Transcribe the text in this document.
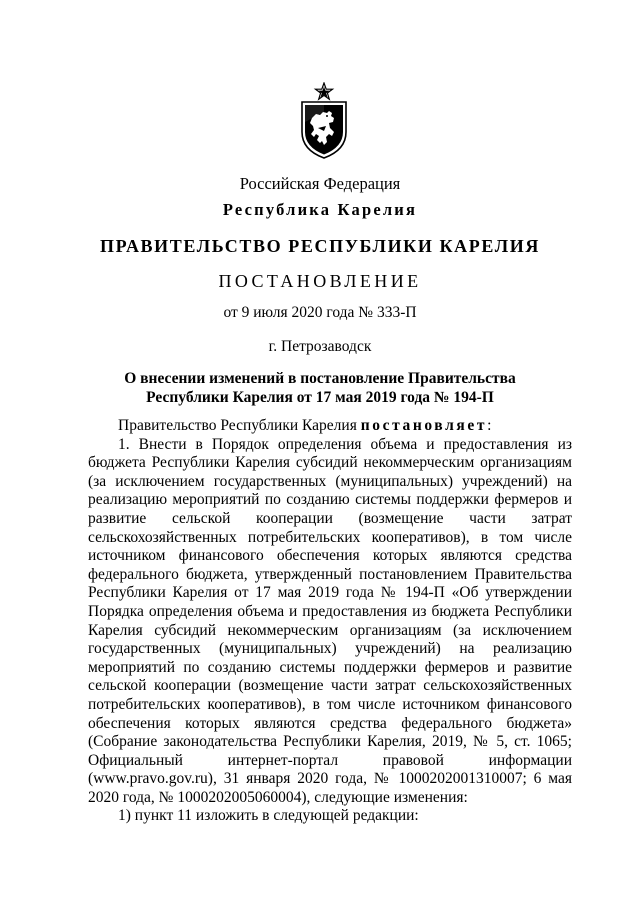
Российская Федерация
Республика Карелия
ПРАВИТЕЛЬСТВО РЕСПУБЛИКИ КАРЕЛИЯ
ПОСТАНОВЛЕНИЕ
от 9 июля 2020 года № 333-П
г. Петрозаводск
О внесении изменений в постановление Правительства
Республики Карелия от 17 мая 2019 года № 194-П

Правительство Республики Карелия постановляет:

1. Внести в Порядок определения объема и предоставления из бюджета Республики Карелия субсидий некоммерческим организациям (за исключением государственных (муниципальных) учреждений) на реализацию мероприятий по созданию системы поддержки фермеров и развитие сельской кооперации (возмещение части затрат сельскохозяйственных потребительских кооперативов), в том числе источником финансового обеспечения которых являются средства федерального бюджета, утвержденный постановлением Правительства Республики Карелия от 17 мая 2019 года № 194-П «Об утверждении Порядка определения объема и предоставления из бюджета Республики Карелия субсидий некоммерческим организациям (за исключением государственных (муниципальных) учреждений) на реализацию мероприятий по созданию системы поддержки фермеров и развитие сельской кооперации (возмещение части затрат сельскохозяйственных потребительских кооперативов), в том числе источником финансового обеспечения которых являются средства федерального бюджета» (Собрание законодательства Республики Карелия, 2019, № 5, ст. 1065; Официальный интернет-портал правовой информации (www.pravo.gov.ru), 31 января 2020 года, № 1000202001310007; 6 мая 2020 года, № 1000202005060004), следующие изменения:

1) пункт 11 изложить в следующей редакции:
